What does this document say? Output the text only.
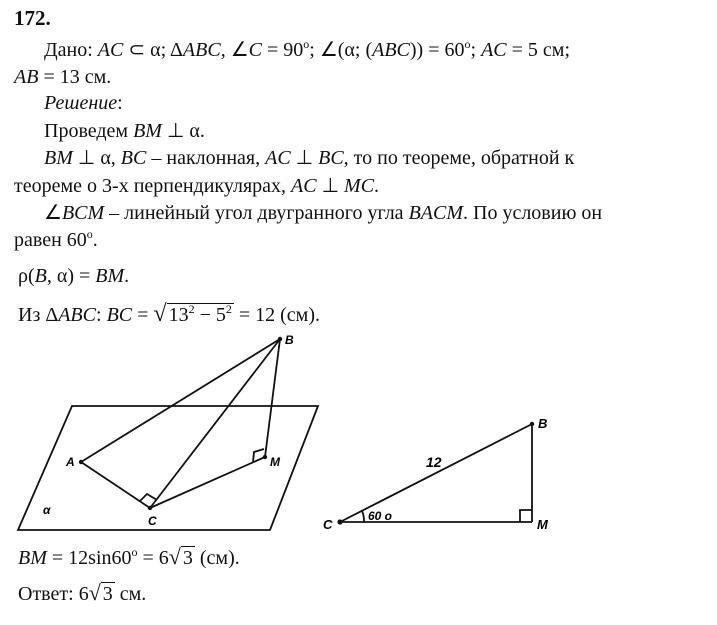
172.
Дано: AC ⊂ α; ΔABC, ∠C = $90^o$; ∠(α; $(ABC)) = 60^o$; AC = 5 см;
AB = 13 см.
Решение:
Проведем BM ⊥ α.
BM ⊥ α, BC – наклонная, AC ⊥ BC, то по теореме, обратной к
теореме о 3-х перпендикулярах, AC ⊥ MC.
∠BCM – линейный угол двугранного угла BACM. По условию он
равен 60$^o$.
ρ(B, α) = BM.
Из ΔABC: BC = √ $13^2 - 5^2 = 12$ (см).
BM = $12\sin 60^o = 6√$ 3 (см).
Ответ: 6√ 3 см.
B
A
C
M
α
C
B
M
12
60 o
